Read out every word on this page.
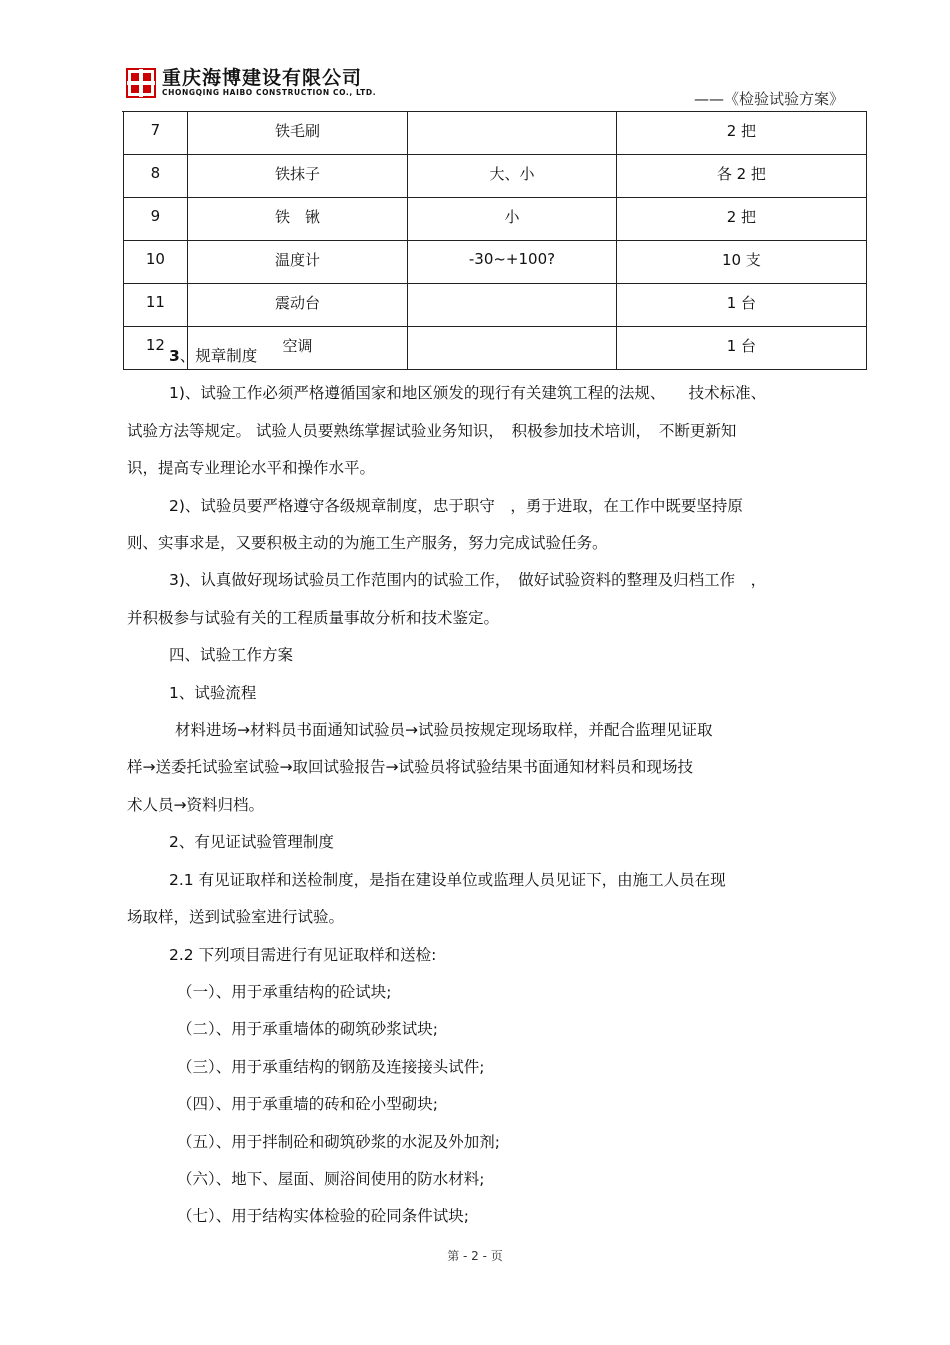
重庆海博建设有限公司
CHONGQING HAIBO CONSTRUCTION CO., LTD.	——《检验试验方案》
7	铁毛刷		2 把
8	铁抹子	大、小	各 2 把
9	铁　锹	小	2 把
10	温度计	-30~+100?	10 支
11	震动台		1 台
12	空调		1 台
3、规章制度
1)、试验工作必须严格遵循国家和地区颁发的现行有关建筑工程的法规、　　技术标准、
试验方法等规定。 试验人员要熟练掌握试验业务知识，　积极参加技术培训，　不断更新知
识，提高专业理论水平和操作水平。
2)、试验员要严格遵守各级规章制度，忠于职守　，勇于进取，在工作中既要坚持原
则、实事求是，又要积极主动的为施工生产服务，努力完成试验任务。
3)、认真做好现场试验员工作范围内的试验工作，　做好试验资料的整理及归档工作　，
并积极参与试验有关的工程质量事故分析和技术鉴定。
四、试验工作方案
1、试验流程
材料进场→材料员书面通知试验员→试验员按规定现场取样，并配合监理见证取
样→送委托试验室试验→取回试验报告→试验员将试验结果书面通知材料员和现场技
术人员→资料归档。
2、有见证试验管理制度
2.1 有见证取样和送检制度，是指在建设单位或监理人员见证下，由施工人员在现
场取样，送到试验室进行试验。
2.2 下列项目需进行有见证取样和送检:
（一）、用于承重结构的砼试块;
（二）、用于承重墙体的砌筑砂浆试块;
（三）、用于承重结构的钢筋及连接接头试件;
（四）、用于承重墙的砖和砼小型砌块;
（五）、用于拌制砼和砌筑砂浆的水泥及外加剂;
（六）、地下、屋面、厕浴间使用的防水材料;
（七）、用于结构实体检验的砼同条件试块;
第 - 2 - 页
